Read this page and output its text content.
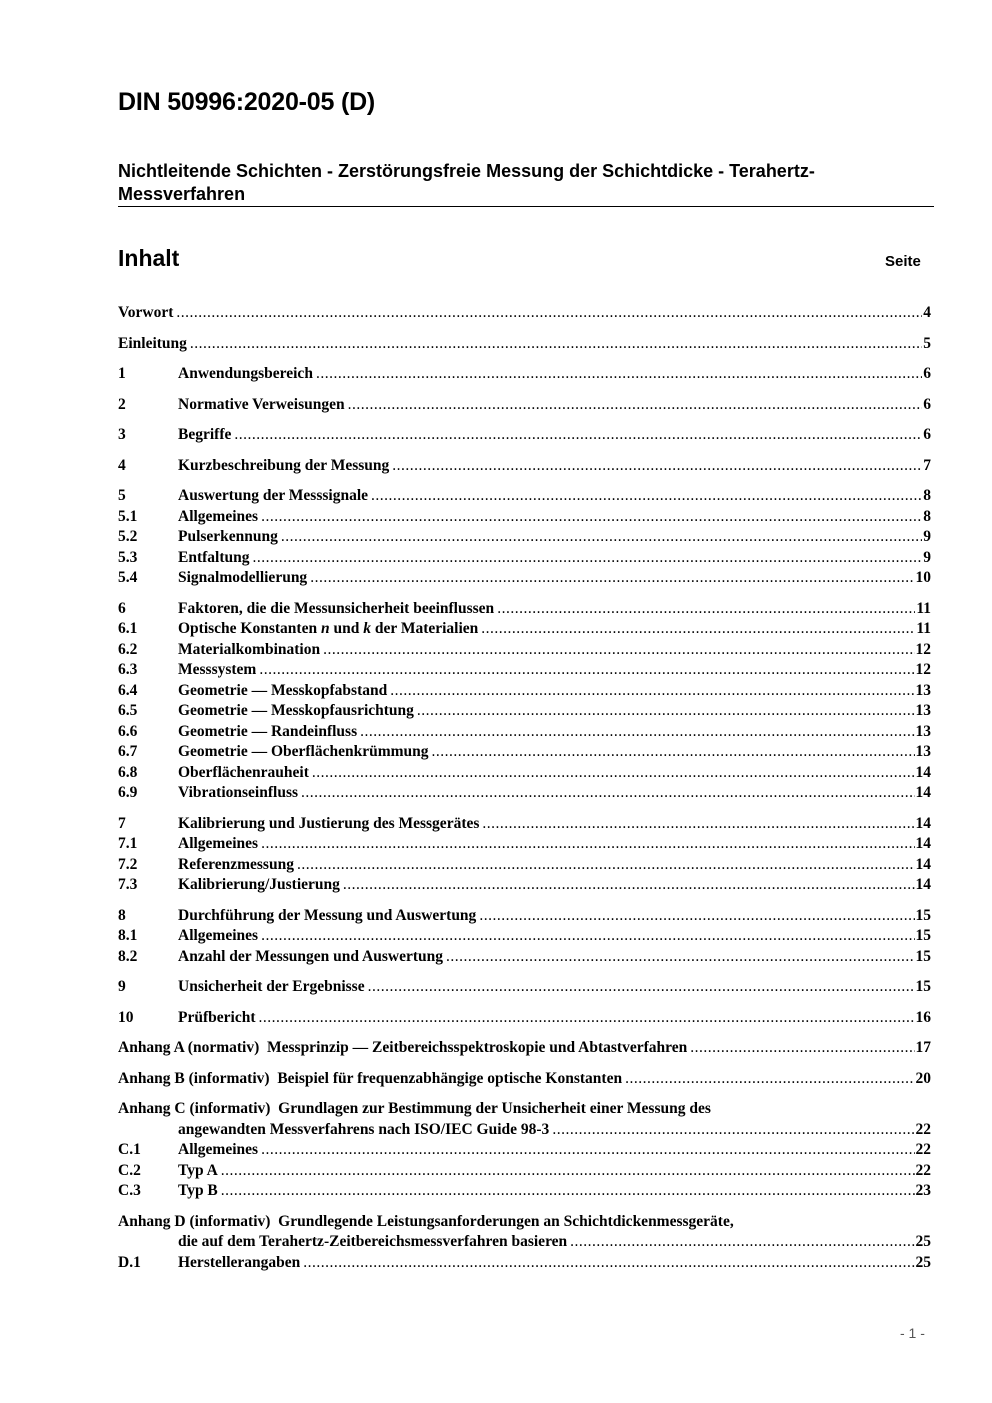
DIN 50996:2020-05 (D)
Nichtleitende Schichten - Zerstörungsfreie Messung der Schichtdicke - Terahertz-Messverfahren
Inhalt	Seite
Vorwort .....	4
Einleitung .....	5
1	Anwendungsbereich .....	6
2	Normative Verweisungen .....	6
3	Begriffe .....	6
4	Kurzbeschreibung der Messung .....	7
5	Auswertung der Messsignale .....	8
5.1	Allgemeines .....	8
5.2	Pulserkennung .....	9
5.3	Entfaltung .....	9
5.4	Signalmodellierung .....	10
6	Faktoren, die die Messunsicherheit beeinflussen .....	11
6.1	Optische Konstanten n und k der Materialien .....	11
6.2	Materialkombination .....	12
6.3	Messsystem .....	12
6.4	Geometrie — Messkopfabstand .....	13
6.5	Geometrie — Messkopfausrichtung .....	13
6.6	Geometrie — Randeinfluss .....	13
6.7	Geometrie — Oberflächenkrümmung .....	13
6.8	Oberflächenrauheit .....	14
6.9	Vibrationseinfluss .....	14
7	Kalibrierung und Justierung des Messgerätes .....	14
7.1	Allgemeines .....	14
7.2	Referenzmessung .....	14
7.3	Kalibrierung/Justierung .....	14
8	Durchführung der Messung und Auswertung .....	15
8.1	Allgemeines .....	15
8.2	Anzahl der Messungen und Auswertung .....	15
9	Unsicherheit der Ergebnisse .....	15
10	Prüfbericht .....	16
Anhang A (normativ)  Messprinzip — Zeitbereichsspektroskopie und Abtastverfahren .....	17
Anhang B (informativ)  Beispiel für frequenzabhängige optische Konstanten .....	20
Anhang C (informativ)  Grundlagen zur Bestimmung der Unsicherheit einer Messung des
angewandten Messverfahrens nach ISO/IEC Guide 98-3 .....	22
C.1	Allgemeines .....	22
C.2	Typ A .....	22
C.3	Typ B .....	23
Anhang D (informativ)  Grundlegende Leistungsanforderungen an Schichtdickenmessgeräte,
die auf dem Terahertz-Zeitbereichsmessverfahren basieren .....	25
D.1	Herstellerangaben .....	25
- 1 -
